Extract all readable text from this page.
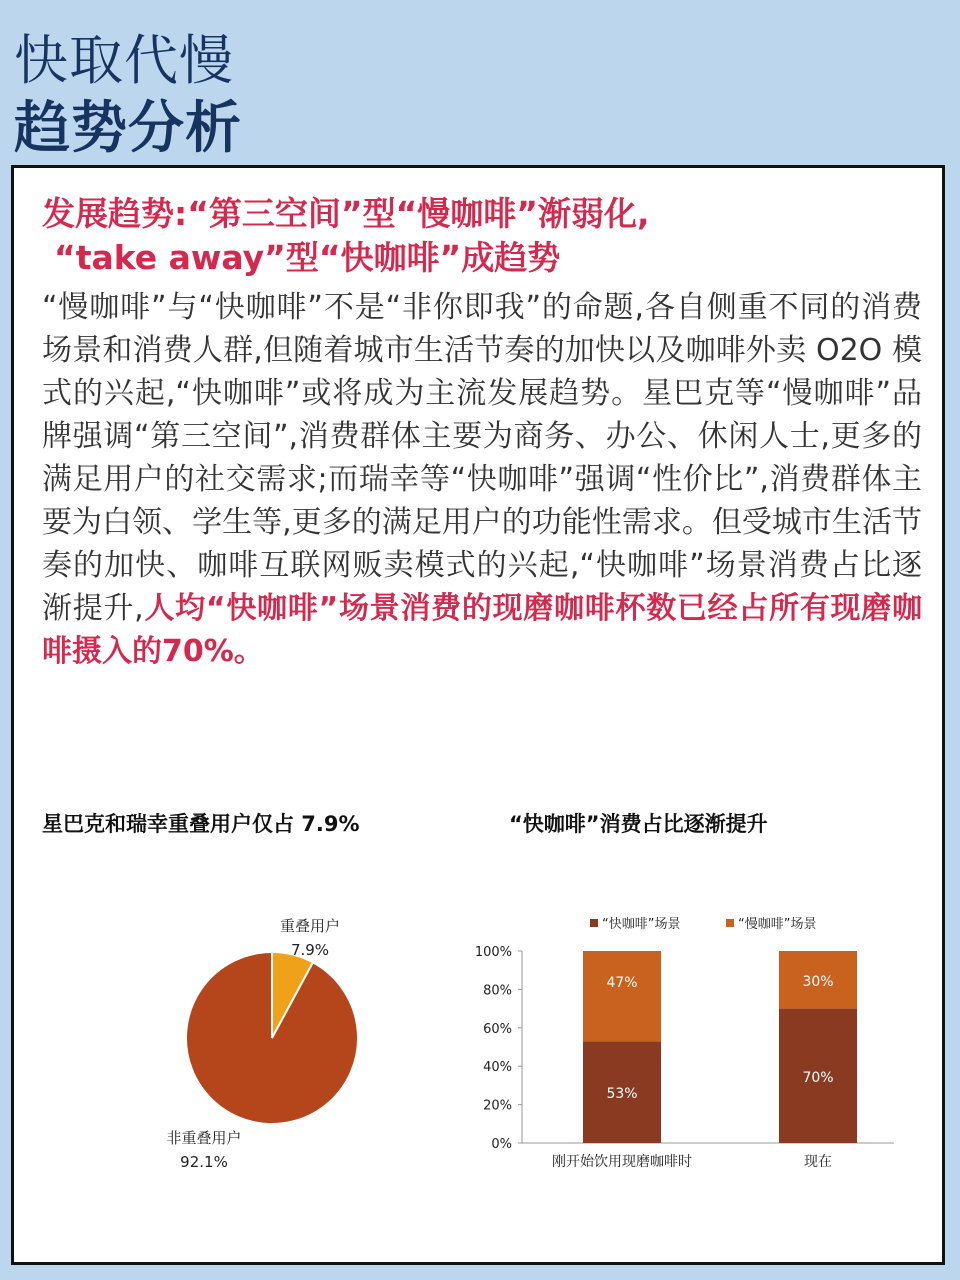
快取代慢
趋势分析
发展趋势:“第三空间”型“慢咖啡”渐弱化,
“take away”型“快咖啡”成趋势
“慢咖啡”与“快咖啡”不是“非你即我”的命题,各自侧重不同的消费场景和消费人群,但随着城市生活节奏的加快以及咖啡外卖 O2O 模式的兴起,“快咖啡”或将成为主流发展趋势。星巴克等“慢咖啡”品牌强调“第三空间”,消费群体主要为商务、办公、休闲人士,更多的满足用户的社交需求;而瑞幸等“快咖啡”强调“性价比”,消费群体主要为白领、学生等,更多的满足用户的功能性需求。但受城市生活节奏的加快、咖啡互联网贩卖模式的兴起,“快咖啡”场景消费占比逐渐提升,人均“快咖啡”场景消费的现磨咖啡杯数已经占所有现磨咖啡摄入的70%。
星巴克和瑞幸重叠用户仅占 7.9%	“快咖啡”消费占比逐渐提升
重叠用户
7.9%
非重叠用户
92.1%
“快咖啡”场景	“慢咖啡”场景
0%
20%
40%
60%
80%
100%
53%
47%
70%
30%
刚开始饮用现磨咖啡时	现在
